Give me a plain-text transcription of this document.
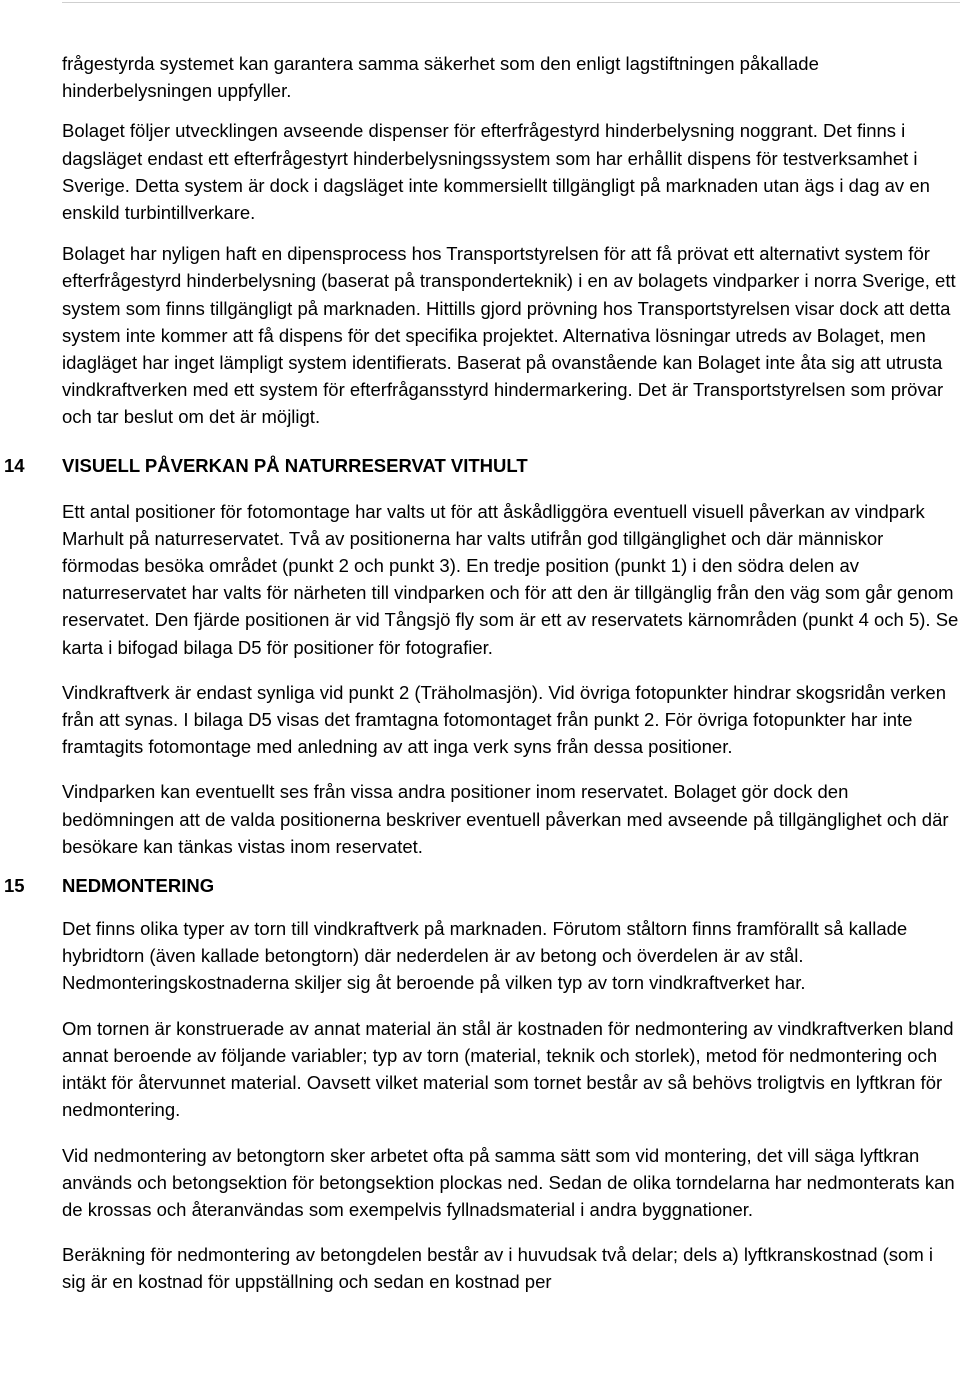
frågestyrda systemet kan garantera samma säkerhet som den enligt lagstiftningen påkallade hinderbelysningen uppfyller.

Bolaget följer utvecklingen avseende dispenser för efterfrågestyrd hinderbelysning noggrant. Det finns i dagsläget endast ett efterfrågestyrt hinderbelysningssystem som har erhållit dispens för testverksamhet i Sverige. Detta system är dock i dagsläget inte kommersiellt tillgängligt på marknaden utan ägs i dag av en enskild turbintillverkare.

Bolaget har nyligen haft en dipensprocess hos Transportstyrelsen för att få prövat ett alternativt system för efterfrågestyrd hinderbelysning (baserat på transponderteknik) i en av bolagets vindparker i norra Sverige, ett system som finns tillgängligt på marknaden. Hittills gjord prövning hos Transportstyrelsen visar dock att detta system inte kommer att få dispens för det specifika projektet. Alternativa lösningar utreds av Bolaget, men idagläget har inget lämpligt system identifierats. Baserat på ovanstående kan Bolaget inte åta sig att utrusta vindkraftverken med ett system för efterfrågansstyrd hindermarkering. Det är Transportstyrelsen som prövar och tar beslut om det är möjligt.

14 VISUELL PÅVERKAN PÅ NATURRESERVAT VITHULT

Ett antal positioner för fotomontage har valts ut för att åskådliggöra eventuell visuell påverkan av vindpark Marhult på naturreservatet. Två av positionerna har valts utifrån god tillgänglighet och där människor förmodas besöka området (punkt 2 och punkt 3). En tredje position (punkt 1) i den södra delen av naturreservatet har valts för närheten till vindparken och för att den är tillgänglig från den väg som går genom reservatet. Den fjärde positionen är vid Tångsjö fly som är ett av reservatets kärnområden (punkt 4 och 5). Se karta i bifogad bilaga D5 för positioner för fotografier.

Vindkraftverk är endast synliga vid punkt 2 (Träholmasjön). Vid övriga fotopunkter hindrar skogsridån verken från att synas. I bilaga D5 visas det framtagna fotomontaget från punkt 2. För övriga fotopunkter har inte framtagits fotomontage med anledning av att inga verk syns från dessa positioner.

Vindparken kan eventuellt ses från vissa andra positioner inom reservatet. Bolaget gör dock den bedömningen att de valda positionerna beskriver eventuell påverkan med avseende på tillgänglighet och där besökare kan tänkas vistas inom reservatet.

15 NEDMONTERING

Det finns olika typer av torn till vindkraftverk på marknaden. Förutom ståltorn finns framförallt så kallade hybridtorn (även kallade betongtorn) där nederdelen är av betong och överdelen är av stål. Nedmonteringskostnaderna skiljer sig åt beroende på vilken typ av torn vindkraftverket har.

Om tornen är konstruerade av annat material än stål är kostnaden för nedmontering av vindkraftverken bland annat beroende av följande variabler; typ av torn (material, teknik och storlek), metod för nedmontering och intäkt för återvunnet material. Oavsett vilket material som tornet består av så behövs troligtvis en lyftkran för nedmontering.

Vid nedmontering av betongtorn sker arbetet ofta på samma sätt som vid montering, det vill säga lyftkran används och betongsektion för betongsektion plockas ned. Sedan de olika torndelarna har nedmonterats kan de krossas och återanvändas som exempelvis fyllnadsmaterial i andra byggnationer.

Beräkning för nedmontering av betongdelen består av i huvudsak två delar; dels a) lyftkranskostnad (som i sig är en kostnad för uppställning och sedan en kostnad per
